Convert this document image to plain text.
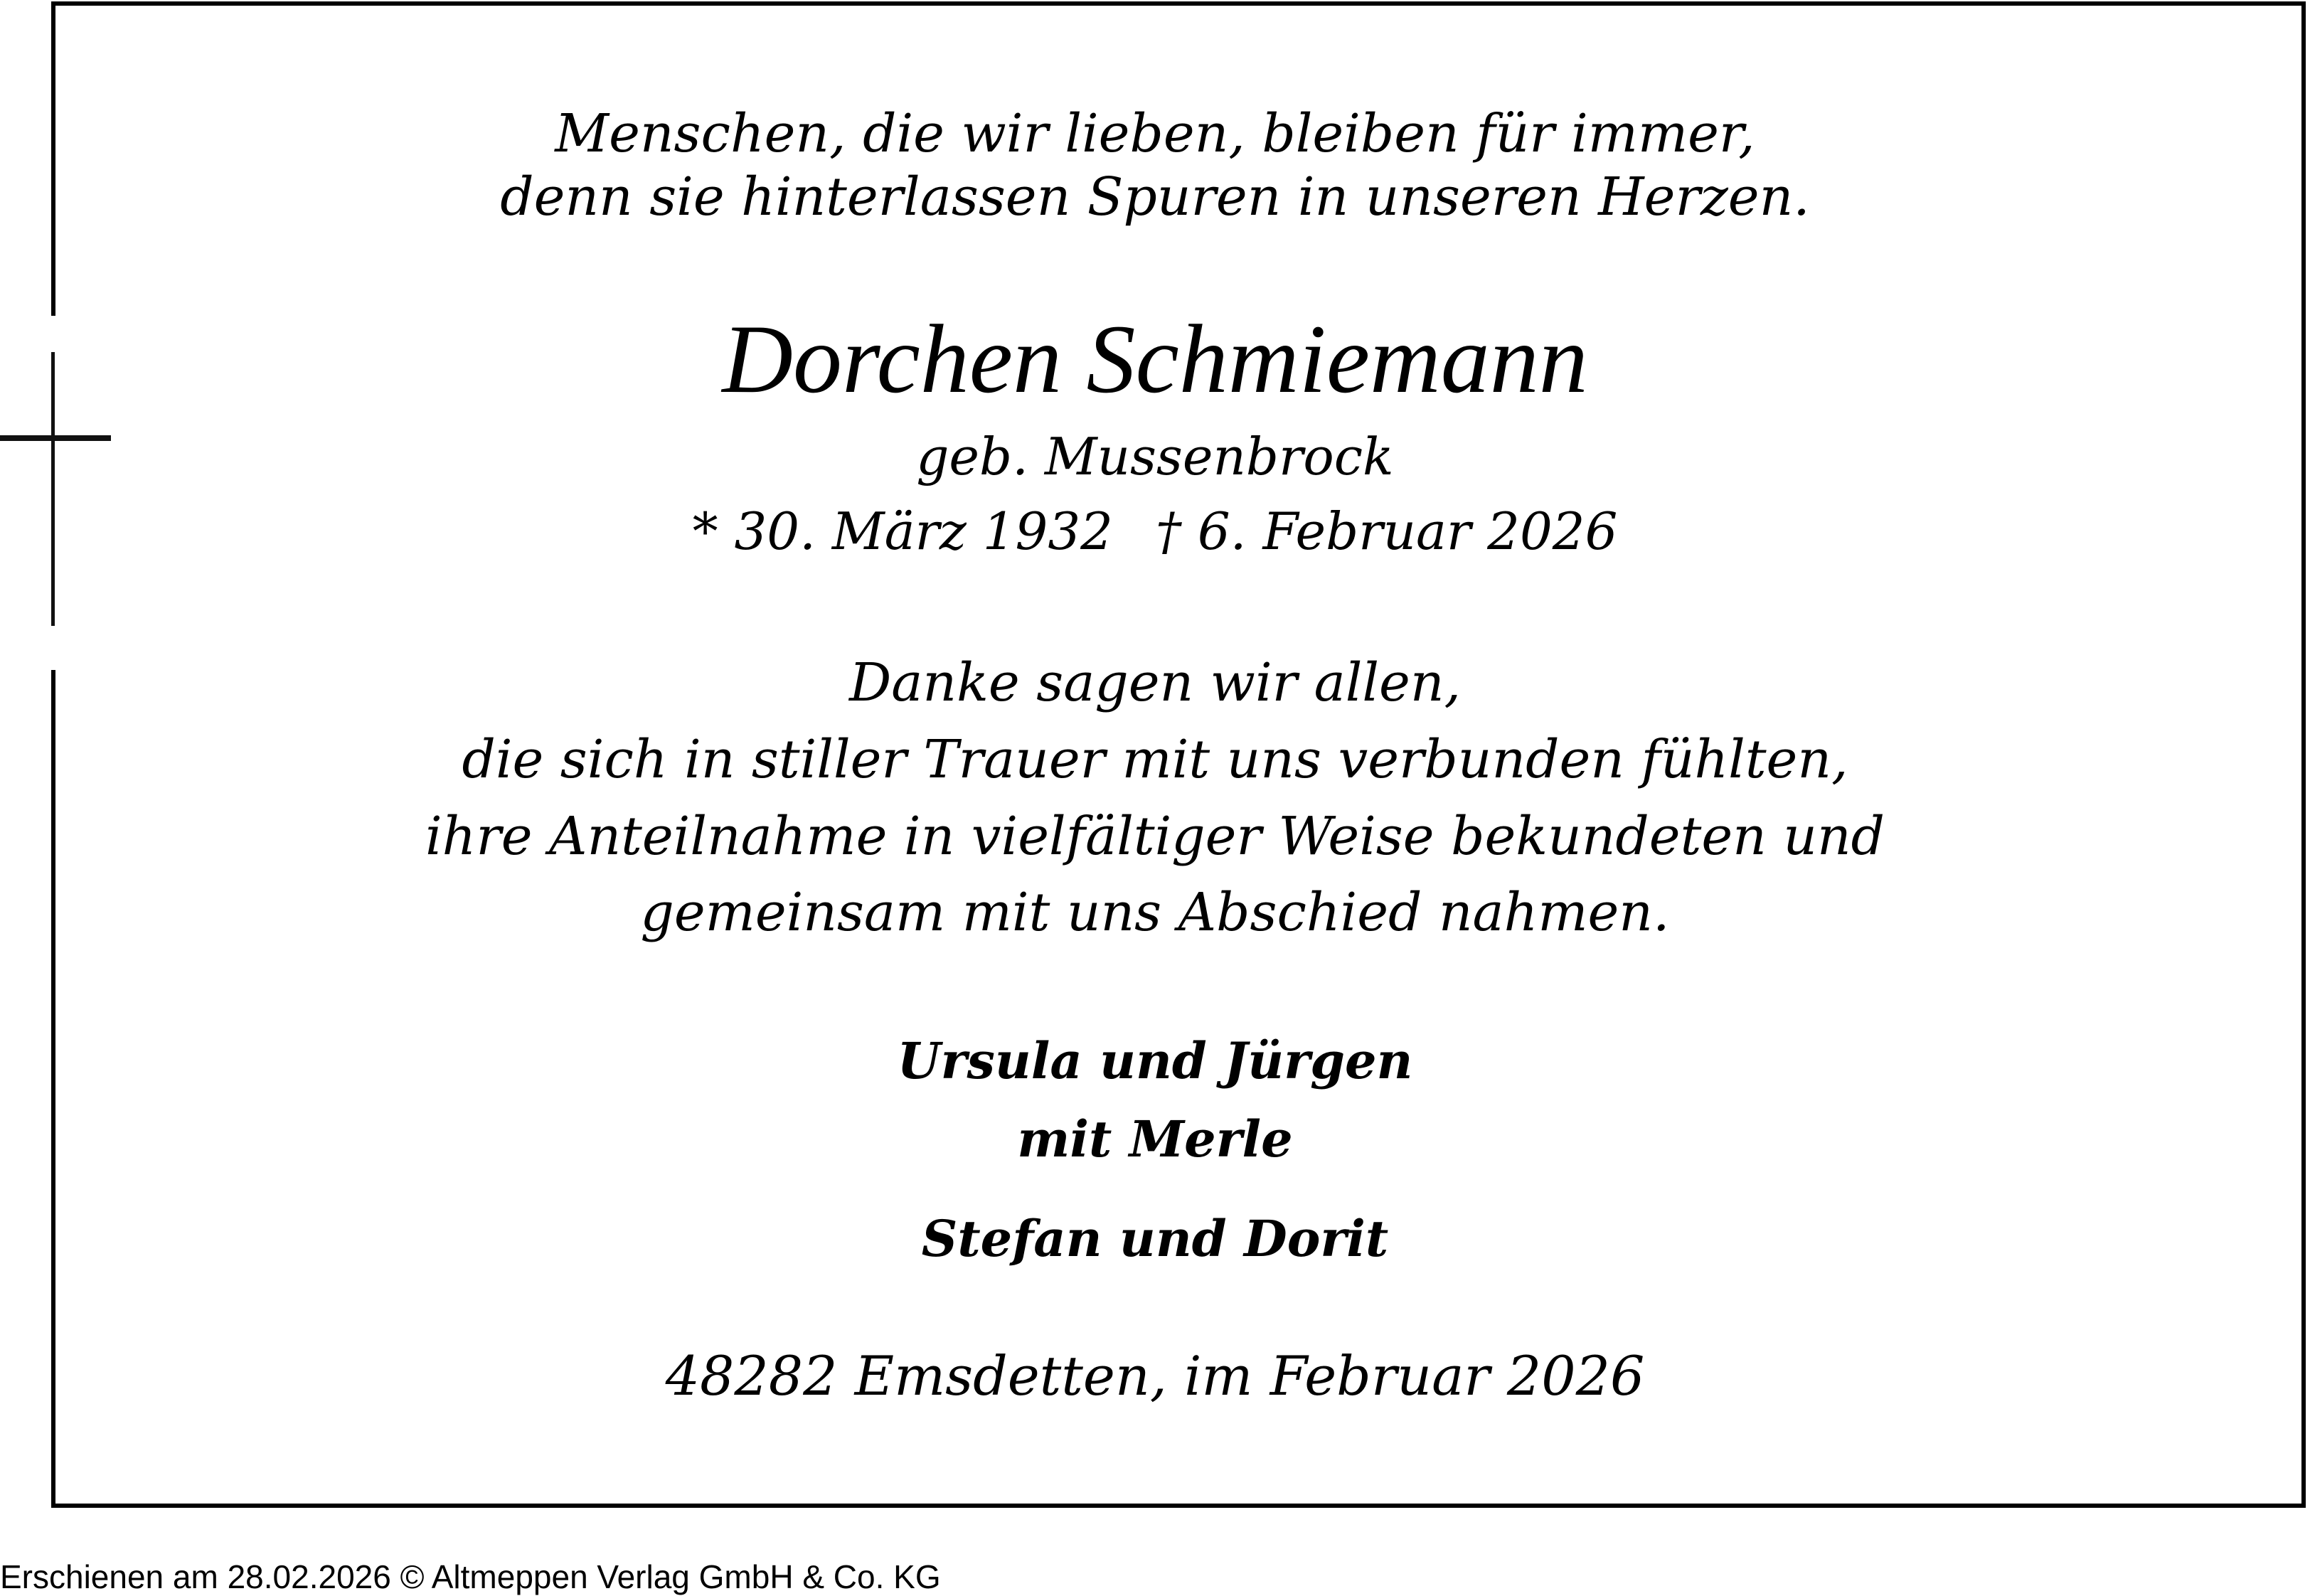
Menschen, die wir lieben, bleiben für immer,

denn sie hinterlassen Spuren in unseren Herzen.

Dorchen Schmiemann

geb. Mussenbrock

* 30. März 1932 † 6. Februar 2026

Danke sagen wir allen,

die sich in stiller Trauer mit uns verbunden fühlten,

ihre Anteilnahme in vielfältiger Weise bekundeten und

gemeinsam mit uns Abschied nahmen.

Ursula und Jürgen

mit Merle

Stefan und Dorit

48282 Emsdetten, im Februar 2026

Erschienen am 28.02.2026 © Altmeppen Verlag GmbH & Co. KG
